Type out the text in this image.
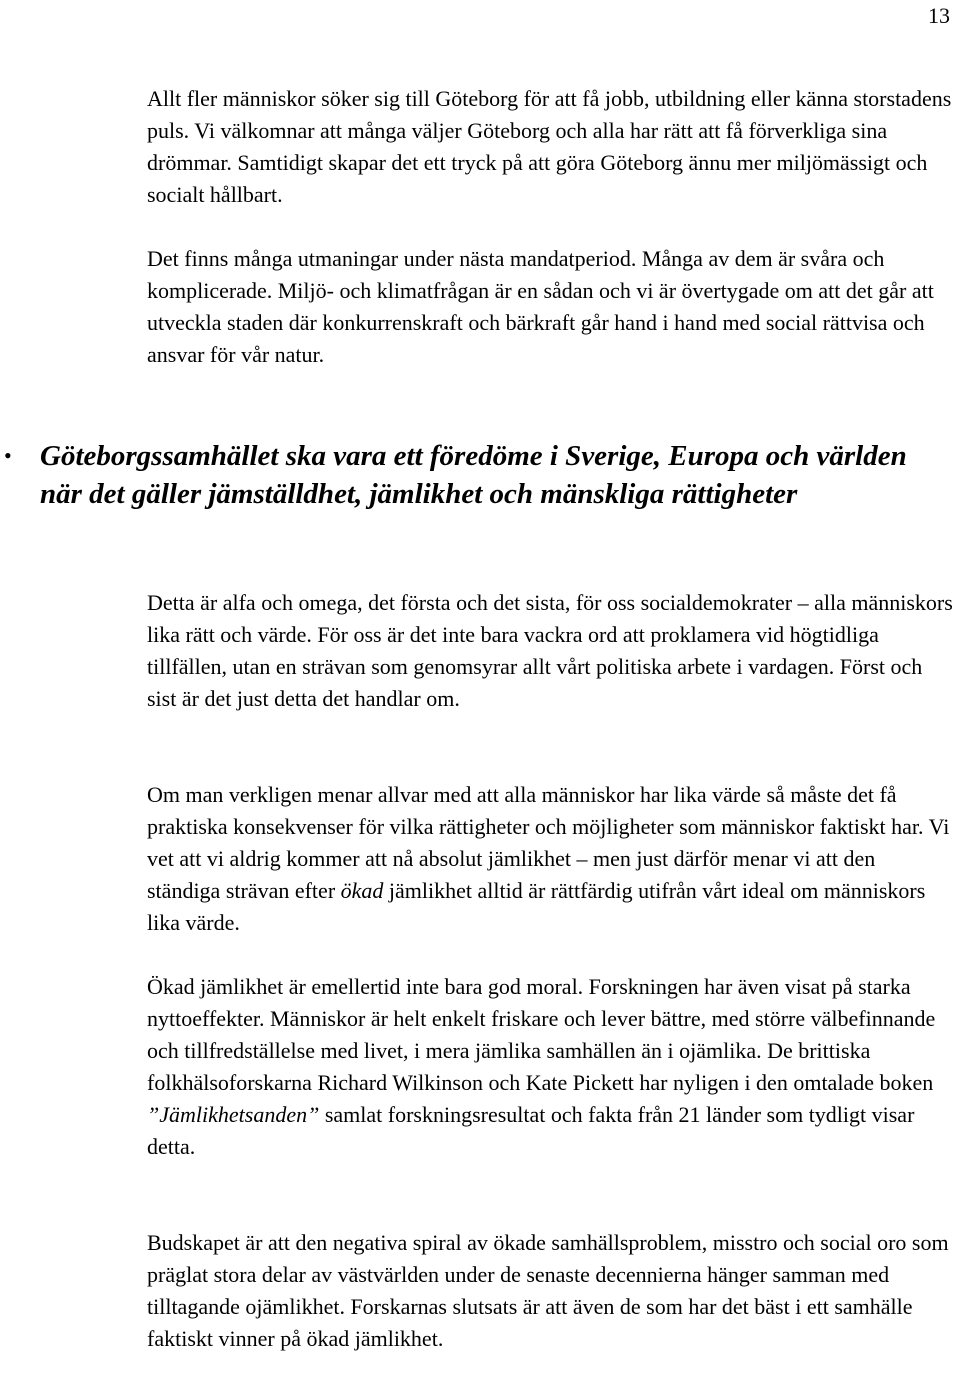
13

Allt fler människor söker sig till Göteborg för att få jobb, utbildning eller känna storstadens puls. Vi välkomnar att många väljer Göteborg och alla har rätt att få förverkliga sina drömmar. Samtidigt skapar det ett tryck på att göra Göteborg ännu mer miljömässigt och socialt hållbart.

Det finns många utmaningar under nästa mandatperiod. Många av dem är svåra och komplicerade. Miljö- och klimatfrågan är en sådan och vi är övertygade om att det går att utveckla staden där konkurrenskraft och bärkraft går hand i hand med social rättvisa och ansvar för vår natur.

• Göteborgssamhället ska vara ett föredöme i Sverige, Europa och världen när det gäller jämställdhet, jämlikhet och mänskliga rättigheter

Detta är alfa och omega, det första och det sista, för oss socialdemokrater – alla människors lika rätt och värde. För oss är det inte bara vackra ord att proklamera vid högtidliga tillfällen, utan en strävan som genomsyrar allt vårt politiska arbete i vardagen. Först och sist är det just detta det handlar om.

Om man verkligen menar allvar med att alla människor har lika värde så måste det få praktiska konsekvenser för vilka rättigheter och möjligheter som människor faktiskt har. Vi vet att vi aldrig kommer att nå absolut jämlikhet – men just därför menar vi att den ständiga strävan efter ökad jämlikhet alltid är rättfärdig utifrån vårt ideal om människors lika värde.

Ökad jämlikhet är emellertid inte bara god moral. Forskningen har även visat på starka nyttoeffekter. Människor är helt enkelt friskare och lever bättre, med större välbefinnande och tillfredställelse med livet, i mera jämlika samhällen än i ojämlika. De brittiska folkhälsoforskarna Richard Wilkinson och Kate Pickett har nyligen i den omtalade boken ”Jämlikhetsanden” samlat forskningsresultat och fakta från 21 länder som tydligt visar detta.

Budskapet är att den negativa spiral av ökade samhällsproblem, misstro och social oro som präglat stora delar av västvärlden under de senaste decennierna hänger samman med tilltagande ojämlikhet. Forskarnas slutsats är att även de som har det bäst i ett samhälle faktiskt vinner på ökad jämlikhet.
